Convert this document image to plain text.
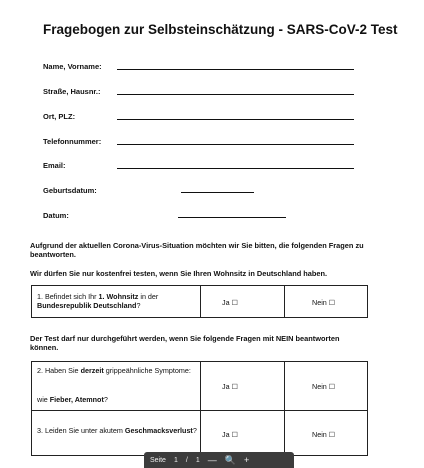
Fragebogen zur Selbsteinschätzung - SARS-CoV-2 Test
Name, Vorname:
Straße, Hausnr.:
Ort, PLZ:
Telefonnummer:
Email:
Geburtsdatum:
Datum:
Aufgrund der aktuellen Corona-Virus-Situation möchten wir Sie bitten, die folgenden Fragen zu beantworten.
Wir dürfen Sie nur kostenfrei testen, wenn Sie Ihren Wohnsitz in Deutschland haben.
1. Befindet sich Ihr 1. Wohnsitz in der Bundesrepublik Deutschland?	Ja ☐	Nein ☐
Der Test darf nur durchgeführt werden, wenn Sie folgende Fragen mit NEIN beantworten können.
2. Haben Sie derzeit grippeähnliche Symptome:
wie Fieber, Atemnot?
Ja ☐	Nein ☐
3. Leiden Sie unter akutem Geschmacksverlust?	Ja ☐	Nein ☐
Seite 1 / 1 — 🔍 +
